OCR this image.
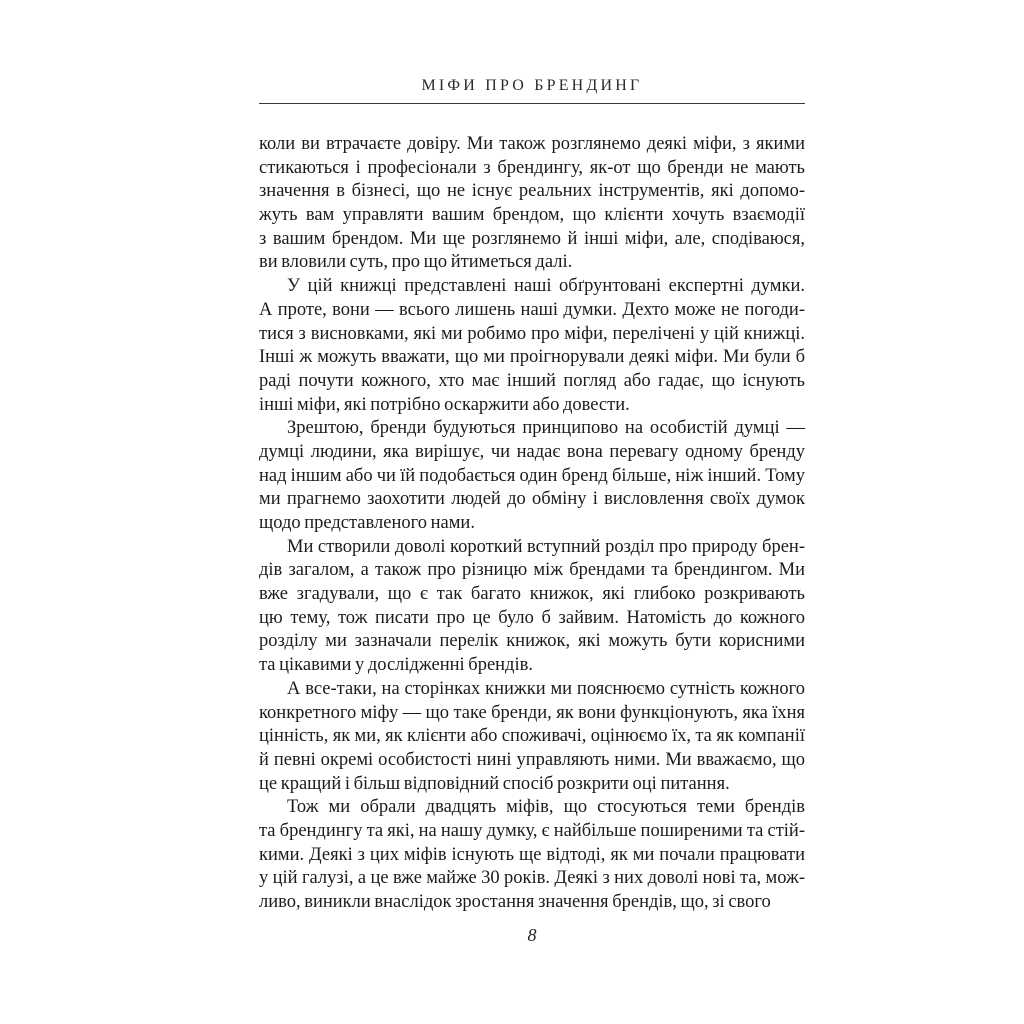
МІФИ ПРО БРЕНДИНГ
коли ви втрачаєте довіру. Ми також розглянемо деякі міфи, з якими
стикаються і професіонали з брендингу, як-от що бренди не мають
значення в бізнесі, що не існує реальних інструментів, які допомо-
жуть вам управляти вашим брендом, що клієнти хочуть взаємодії
з вашим брендом. Ми ще розглянемо й інші міфи, але, сподіваюся,
ви вловили суть, про що йтиметься далі.
У цій книжці представлені наші обґрунтовані експертні думки.
А проте, вони — всього лишень наші думки. Дехто може не погоди-
тися з висновками, які ми робимо про міфи, перелічені у цій книжці.
Інші ж можуть вважати, що ми проігнорували деякі міфи. Ми були б
раді почути кожного, хто має інший погляд або гадає, що існують
інші міфи, які потрібно оскаржити або довести.
Зрештою, бренди будуються принципово на особистій думці —
думці людини, яка вирішує, чи надає вона перевагу одному бренду
над іншим або чи їй подобається один бренд більше, ніж інший. Тому
ми прагнемо заохотити людей до обміну і висловлення своїх думок
щодо представленого нами.
Ми створили доволі короткий вступний розділ про природу брен-
дів загалом, а також про різницю між брендами та брендингом. Ми
вже згадували, що є так багато книжок, які глибоко розкривають
цю тему, тож писати про це було б зайвим. Натомість до кожного
розділу ми зазначали перелік книжок, які можуть бути корисними
та цікавими у дослідженні брендів.
А все-таки, на сторінках книжки ми пояснюємо сутність кожного
конкретного міфу — що таке бренди, як вони функціонують, яка їхня
цінність, як ми, як клієнти або споживачі, оцінюємо їх, та як компанії
й певні окремі особистості нині управляють ними. Ми вважаємо, що
це кращий і більш відповідний спосіб розкрити оці питання.
Тож ми обрали двадцять міфів, що стосуються теми брендів
та брендингу та які, на нашу думку, є найбільше поширеними та стій-
кими. Деякі з цих міфів існують ще відтоді, як ми почали працювати
у цій галузі, а це вже майже 30 років. Деякі з них доволі нові та, мож-
ливо, виникли внаслідок зростання значення брендів, що, зі свого
8
